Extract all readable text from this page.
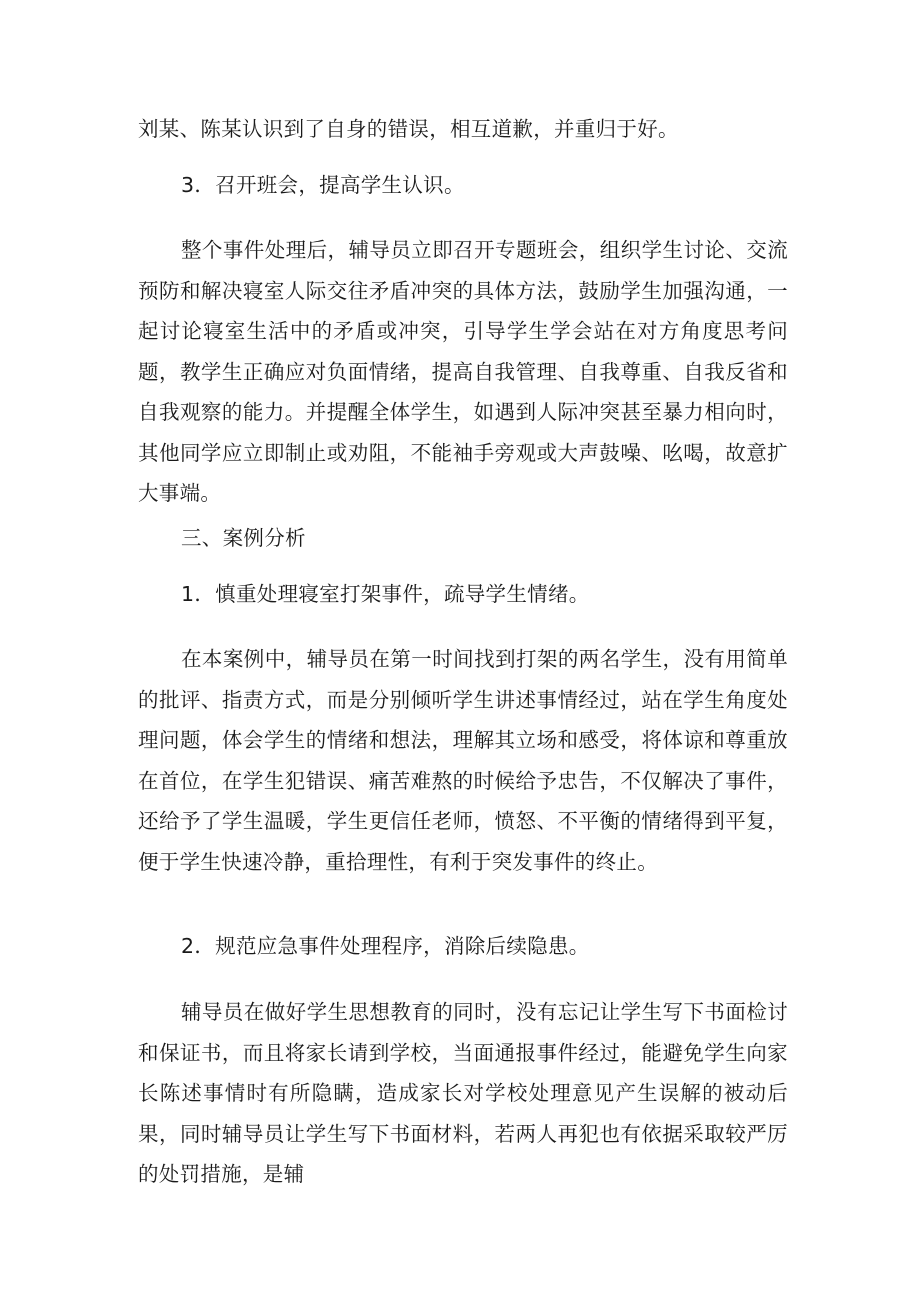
刘某、陈某认识到了自身的错误，相互道歉，并重归于好。

3．召开班会，提高学生认识。

整个事件处理后，辅导员立即召开专题班会，组织学生讨论、交流预防和解决寝室人际交往矛盾冲突的具体方法，鼓励学生加强沟通，一起讨论寝室生活中的矛盾或冲突，引导学生学会站在对方角度思考问题，教学生正确应对负面情绪，提高自我管理、自我尊重、自我反省和自我观察的能力。并提醒全体学生，如遇到人际冲突甚至暴力相向时，其他同学应立即制止或劝阻，不能袖手旁观或大声鼓噪、吆喝，故意扩大事端。

三、案例分析

1．慎重处理寝室打架事件，疏导学生情绪。

在本案例中，辅导员在第一时间找到打架的两名学生，没有用简单的批评、指责方式，而是分别倾听学生讲述事情经过，站在学生角度处理问题，体会学生的情绪和想法，理解其立场和感受，将体谅和尊重放在首位，在学生犯错误、痛苦难熬的时候给予忠告，不仅解决了事件，还给予了学生温暖，学生更信任老师，愤怒、不平衡的情绪得到平复，便于学生快速冷静，重拾理性，有利于突发事件的终止。

2．规范应急事件处理程序，消除后续隐患。

辅导员在做好学生思想教育的同时，没有忘记让学生写下书面检讨和保证书，而且将家长请到学校，当面通报事件经过，能避免学生向家长陈述事情时有所隐瞒，造成家长对学校处理意见产生误解的被动后果，同时辅导员让学生写下书面材料，若两人再犯也有依据采取较严厉的处罚措施，是辅
